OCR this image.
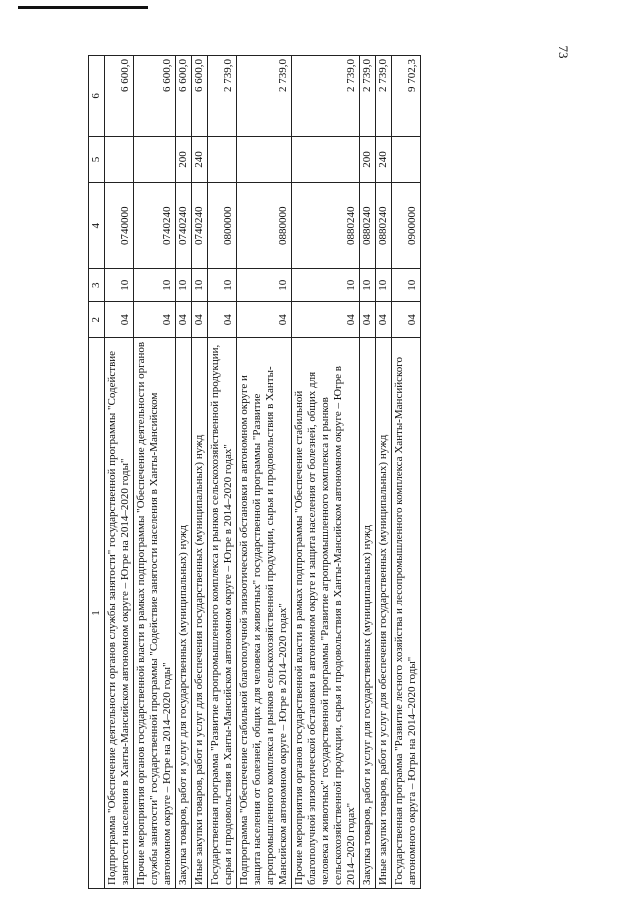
73
1	2	3	4	5	6
Подпрограмма "Обеспечение деятельности органов службы занятости" государственной программы "Содействие занятости населения в Ханты-Мансийском автономном округе – Югре на 2014–2020 годы"	04	10	0740000		6 600,0
Прочие мероприятия органов государственной власти в рамках подпрограммы "Обеспечение деятельности органов службы занятости" государственной программы "Содействие занятости населения в Ханты-Мансийском автономном округе – Югре на 2014–2020 годы"	04	10	0740240		6 600,0
Закупка товаров, работ и услуг для государственных (муниципальных) нужд	04	10	0740240	200	6 600,0
Иные закупки товаров, работ и услуг для обеспечения государственных (муниципальных) нужд	04	10	0740240	240	6 600,0
Государственная программа "Развитие агропромышленного комплекса и рынков сельскохозяйственной продукции, сырья и продовольствия в Ханты-Мансийском автономном округе – Югре в 2014–2020 годах"	04	10	0800000		2 739,0
Подпрограмма "Обеспечение стабильной благополучной эпизоотической обстановки в автономном округе и защита населения от болезней, общих для человека и животных" государственной программы "Развитие агропромышленного комплекса и рынков сельскохозяйственной продукции, сырья и продовольствия в Ханты-Мансийском автономном округе – Югре в 2014–2020 годах"	04	10	0880000		2 739,0
Прочие мероприятия органов государственной власти в рамках подпрограммы "Обеспечение стабильной благополучной эпизоотической обстановки в автономном округе и защита населения от болезней, общих для человека и животных" государственной программы "Развитие агропромышленного комплекса и рынков сельскохозяйственной продукции, сырья и продовольствия в Ханты-Мансийском автономном округе – Югре в 2014–2020 годах"	04	10	0880240		2 739,0
Закупка товаров, работ и услуг для государственных (муниципальных) нужд	04	10	0880240	200	2 739,0
Иные закупки товаров, работ и услуг для обеспечения государственных (муниципальных) нужд	04	10	0880240	240	2 739,0
Государственная программа "Развитие лесного хозяйства и лесопромышленного комплекса Ханты-Мансийского автономного округа – Югры на 2014–2020 годы"	04	10	0900000		9 702,3
